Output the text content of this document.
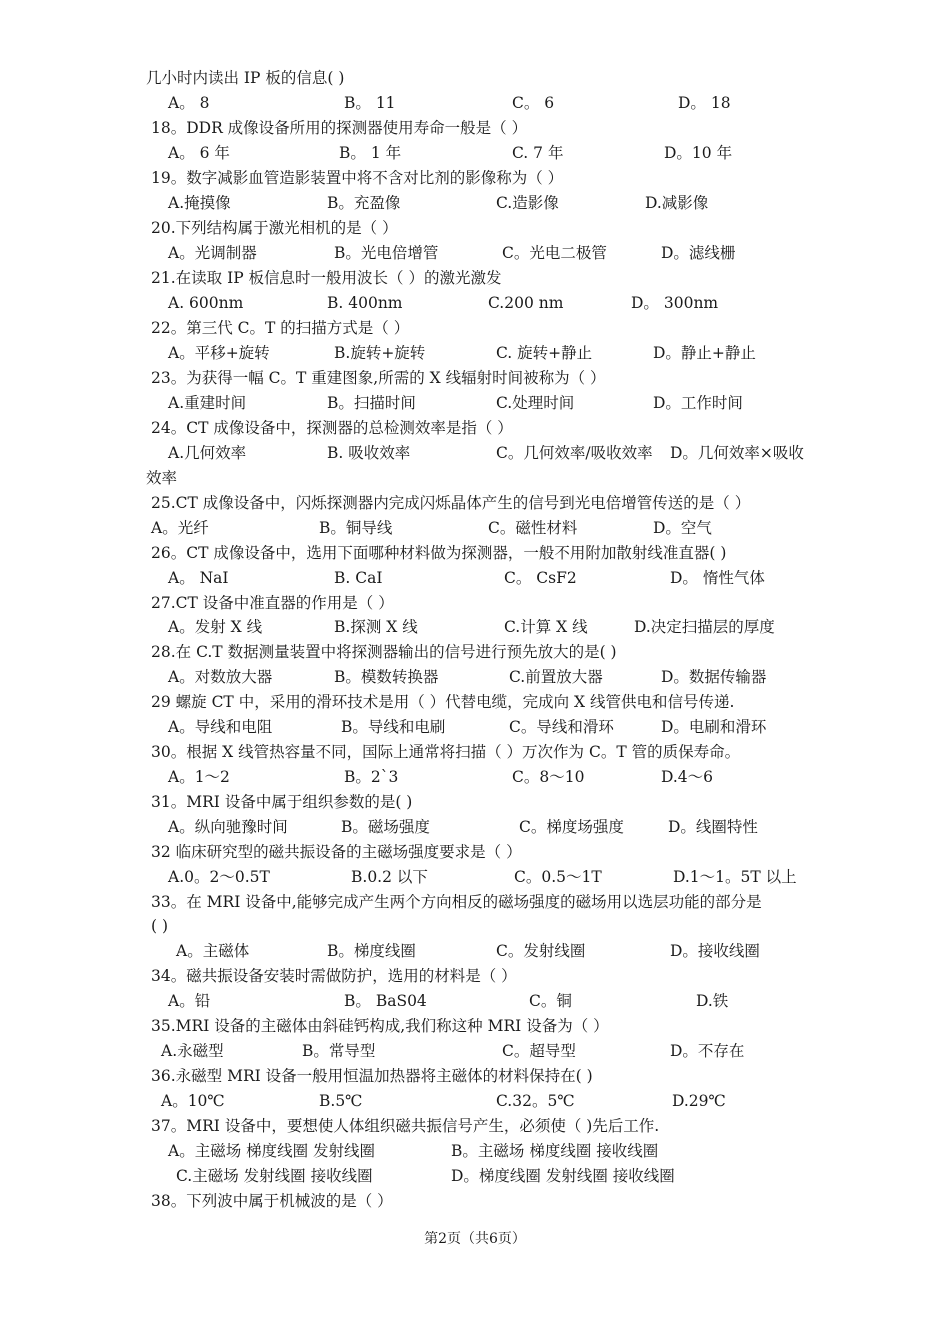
几小时内读出 IP 板的信息( )
A。 8	B。 11	C。 6	D。 18
18。DDR 成像设备所用的探测器使用寿命一般是（ ）
A。 6 年	B。 1 年	C. 7 年	D。10 年
19。数字减影血管造影装置中将不含对比剂的影像称为（ ）
A.掩摸像	B。充盈像	C.造影像	D.减影像
20.下列结构属于激光相机的是（ ）
A。光调制器	B。光电倍增管	C。光电二极管	D。滤线栅
21.在读取 IP 板信息时一般用波长（ ）的激光激发
A. 600nm	B. 400nm	C.200 nm	D。 300nm
22。第三代 C。T 的扫描方式是（ ）
A。平移+旋转	B.旋转+旋转	C. 旋转+静止	D。静止+静止
23。为获得一幅 C。T 重建图象,所需的 X 线辐射时间被称为（ ）
A.重建时间	B。扫描时间	C.处理时间	D。工作时间
24。CT 成像设备中，探测器的总检测效率是指（ ）
A.几何效率	B. 吸收效率	C。几何效率/吸收效率 D。几何效率×吸收
效率
25.CT 成像设备中，闪烁探测器内完成闪烁晶体产生的信号到光电倍增管传送的是（ ）
A。光纤	B。铜导线	C。磁性材料	D。空气
26。CT 成像设备中，选用下面哪种材料做为探测器，一般不用附加散射线准直器( )
A。 NaI	B. CaI	C。 CsF2	D。 惰性气体
27.CT 设备中准直器的作用是（ ）
A。发射 X 线	B.探测 X 线	C.计算 X 线	D.决定扫描层的厚度
28.在 C.T 数据测量装置中将探测器输出的信号进行预先放大的是( )
A。对数放大器	B。模数转换器	C.前置放大器	D。数据传输器
29 螺旋 CT 中，采用的滑环技术是用（ ）代替电缆，完成向 X 线管供电和信号传递.
A。导线和电阻	B。导线和电刷	C。导线和滑环	D。电刷和滑环
30。根据 X 线管热容量不同，国际上通常将扫描（ ）万次作为 C。T 管的质保寿命。
A。1～2	B。2ˋ3	C。8～10	D.4～6
31。MRI 设备中属于组织参数的是( )
A。纵向驰豫时间	B。磁场强度	C。梯度场强度	D。线圈特性
32 临床研究型的磁共振设备的主磁场强度要求是（ ）
A.0。2～0.5T	B.0.2 以下	C。0.5～1T	D.1～1。5T 以上
33。在 MRI 设备中,能够完成产生两个方向相反的磁场强度的磁场用以选层功能的部分是
( )
A。主磁体	B。梯度线圈	C。发射线圈	D。接收线圈
34。磁共振设备安装时需做防护，选用的材料是（ ）
A。铅	B。 BaS04	C。铜	D.铁
35.MRI 设备的主磁体由斜硅钙构成,我们称这种 MRI 设备为（ ）
A.永磁型	B。常导型	C。超导型	D。不存在
36.永磁型 MRI 设备一般用恒温加热器将主磁体的材料保持在( )
A。10℃	B.5℃	C.32。5℃	D.29℃
37。MRI 设备中，要想使人体组织磁共振信号产生，必须使（ )先后工作.
A。主磁场 梯度线圈 发射线圈	B。主磁场 梯度线圈 接收线圈
C.主磁场 发射线圈 接收线圈	D。梯度线圈 发射线圈 接收线圈
38。下列波中属于机械波的是（ ）
第2页（共6页）
